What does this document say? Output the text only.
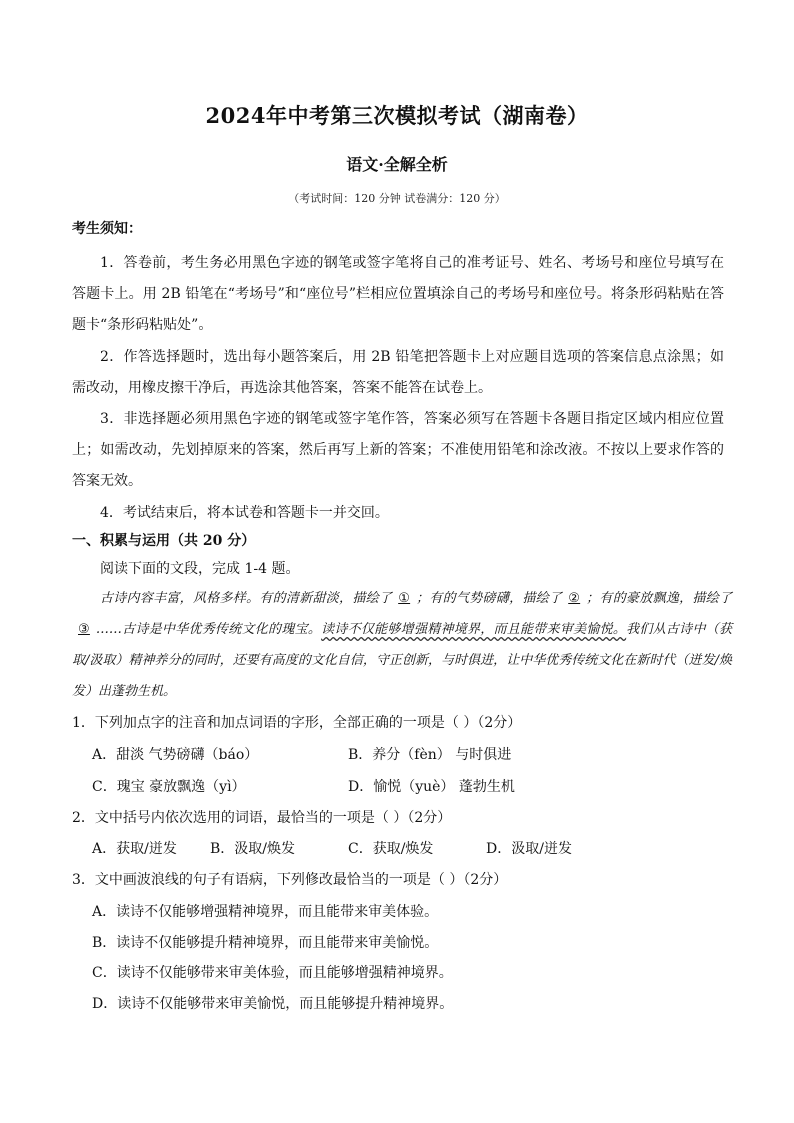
2024年中考第三次模拟考试（湖南卷）
语文·全解全析
（考试时间：120 分钟 试卷满分：120 分）
考生须知：

1．答卷前，考生务必用黑色字迹的钢笔或签字笔将自己的准考证号、姓名、考场号和座位号填写在答题卡上。用 2B 铅笔在“考场号”和“座位号”栏相应位置填涂自己的考场号和座位号。将条形码粘贴在答题卡“条形码粘贴处”。

2．作答选择题时，选出每小题答案后，用 2B 铅笔把答题卡上对应题目选项的答案信息点涂黑；如需改动，用橡皮擦干净后，再选涂其他答案，答案不能答在试卷上。

3．非选择题必须用黑色字迹的钢笔或签字笔作答，答案必须写在答题卡各题目指定区域内相应位置上；如需改动，先划掉原来的答案，然后再写上新的答案；不准使用铅笔和涂改液。不按以上要求作答的答案无效。

4．考试结束后，将本试卷和答题卡一并交回。

一、积累与运用（共 20 分）
阅读下面的文段，完成 1-4 题。

古诗内容丰富，风格多样。有的清新甜淡，描绘了 ① ；有的气势磅礴，描绘了 ② ；有的豪放飘逸，描绘了③ ……古诗是中华优秀传统文化的瑰宝。读诗不仅能够增强精神境界，而且能带来审美愉悦。我们从古诗中（获取/汲取）精神养分的同时，还要有高度的文化自信，守正创新，与时俱进，让中华优秀传统文化在新时代（迸发/焕发）出蓬勃生机。

1．下列加点字的注音和加点词语的字形，全部正确的一项是（ ）（2分）
A．甜淡 气势磅礴（báo）	B．养分（fèn） 与时俱进
C．瑰宝 豪放飘逸（yì）	D．愉悦（yuè） 蓬勃生机
2．文中括号内依次选用的词语，最恰当的一项是（ ）（2分）
A．获取/迸发 B．汲取/焕发	C．获取/焕发	D．汲取/迸发
3．文中画波浪线的句子有语病，下列修改最恰当的一项是（ ）（2分）
A．读诗不仅能够增强精神境界，而且能带来审美体验。
B．读诗不仅能够提升精神境界，而且能带来审美愉悦。
C．读诗不仅能够带来审美体验，而且能够增强精神境界。
D．读诗不仅能够带来审美愉悦，而且能够提升精神境界。
